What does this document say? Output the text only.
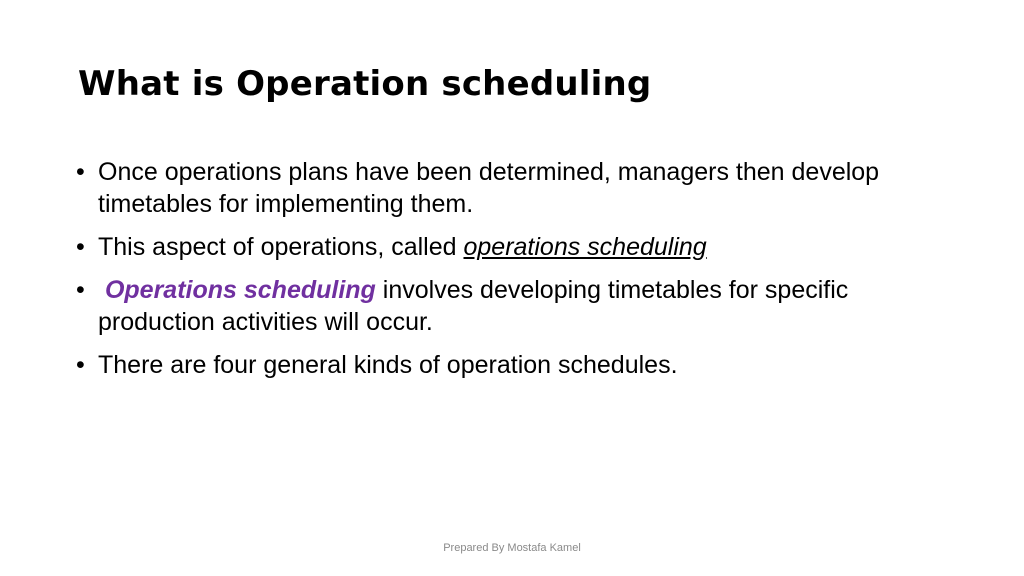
What is Operation scheduling
• Once operations plans have been determined, managers then develop timetables for implementing them.
• This aspect of operations, called operations scheduling
• Operations scheduling involves developing timetables for specific production activities will occur.
• There are four general kinds of operation schedules.
Prepared By Mostafa Kamel
